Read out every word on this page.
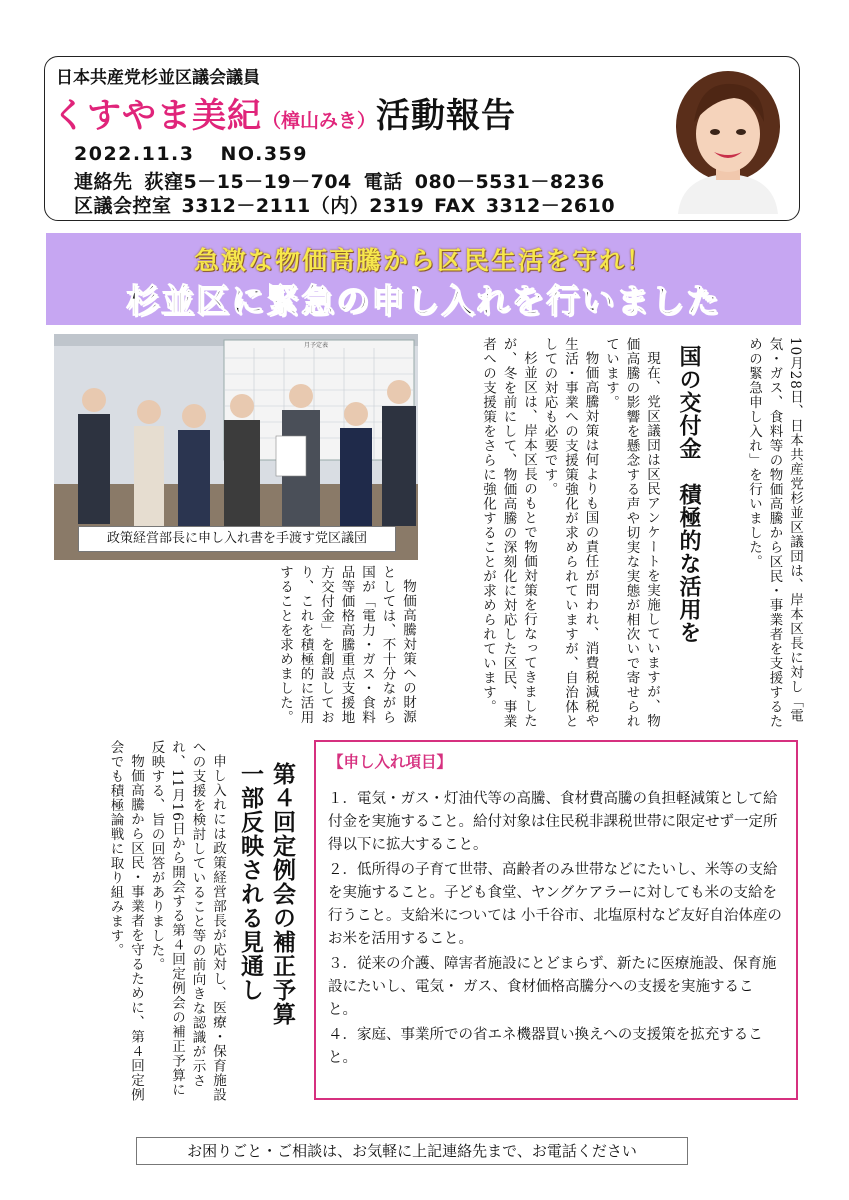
日本共産党杉並区議会議員
くすやま美紀（樟山みき）活動報告
2022.11.3 NO.359
連絡先 荻窪5－15－19－704 電話 080－5531－8236
区議会控室 3312－2111（内）2319 FAX 3312－2610
急激な物価高騰から区民生活を守れ！
杉並区に緊急の申し入れを行いました
月予定表
政策経営部長に申し入れ書を手渡す党区議団	10月28日、日本共産党杉並区議団は、岸本区長に対し「電気・ガス、食料等の物価高騰から区民・事業者を支援するための緊急申し入れ」を行いました。

国の交付金　積極的な活用を

現在、党区議団は区民アンケートを実施していますが、物価高騰の影響を懸念する声や切実な実態が相次いで寄せられています。

物価高騰対策は何よりも国の責任が問われ、消費税減税や生活・事業への支援策強化が求められていますが、自治体としての対応も必要です。

杉並区は、岸本区長のもとで物価対策を行なってきましたが、冬を前にして、物価高騰の深刻化に対応した区民、事業者への支援策をさらに強化することが求められています。

物価高騰対策への財源としては、不十分ながら国が「電力・ガス・食料品等価格高騰重点支援地方交付金」を創設しており、これを積極的に活用することを求めました。

第４回定例会の補正予算
一部反映される見通し

申し入れには政策経営部長が応対し、医療・保育施設への支援を検討していること等の前向きな認識が示され、11月16日から開会する第４回定例会の補正予算に反映する、旨の回答がありました。

物価高騰から区民・事業者を守るために、第４回定例会でも積極論戦に取り組みます。	【申し入れ項目】
１．電気・ガス・灯油代等の高騰、食材費高騰の負担軽減策として給付金を実施すること。給付対象は住民税非課税世帯に限定せず一定所得以下に拡大すること。
２．低所得の子育て世帯、高齢者のみ世帯などにたいし、米等の支給を実施すること。子ども食堂、ヤングケアラーに対しても米の支給を行うこと。支給米については 小千谷市、北塩原村など友好自治体産のお米を活用すること。
３．従来の介護、障害者施設にとどまらず、新たに医療施設、保育施設にたいし、電気・ ガス、食材価格高騰分への支援を実施すること。
４．家庭、事業所での省エネ機器買い換えへの支援策を拡充すること。
お困りごと・ご相談は、お気軽に上記連絡先まで、お電話ください
